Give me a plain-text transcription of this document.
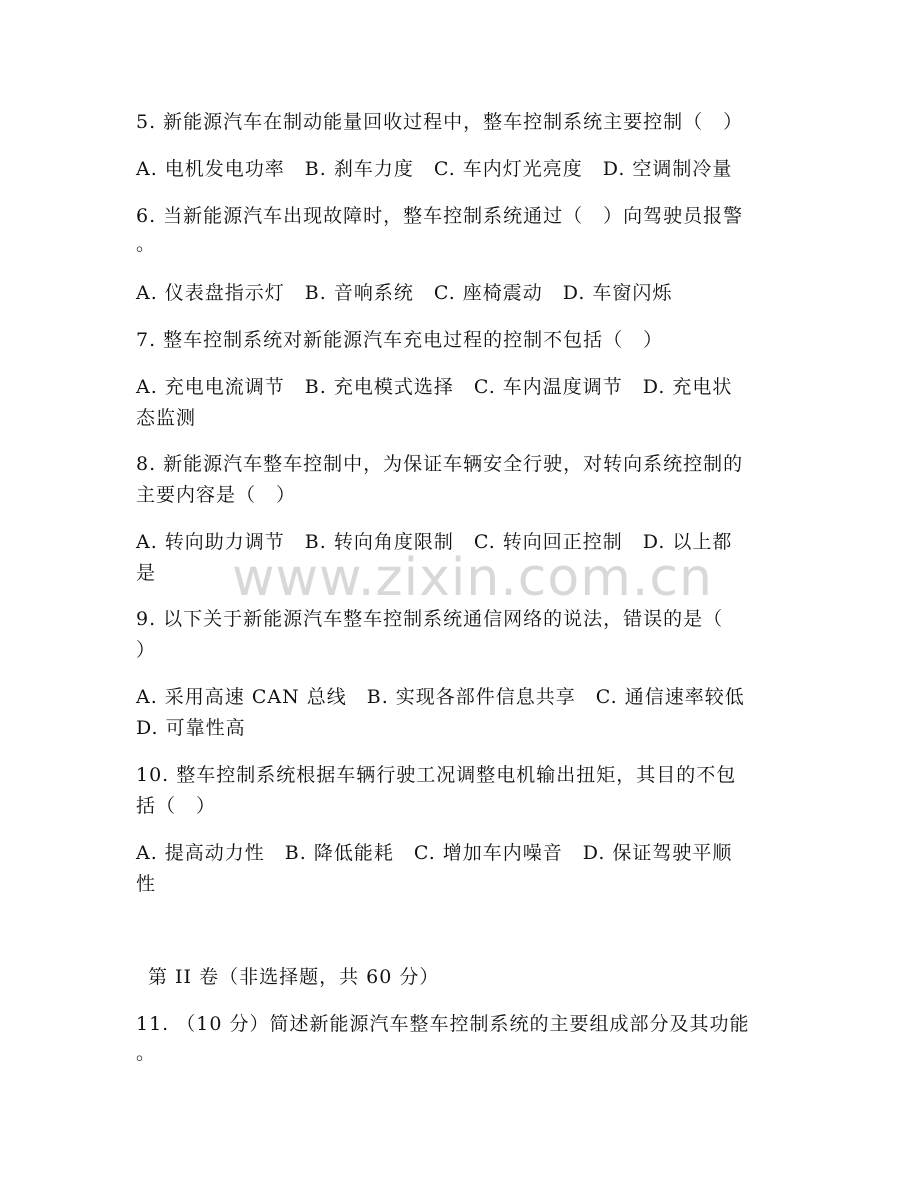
www.zixin.com.cn
5. 新能源汽车在制动能量回收过程中，整车控制系统主要控制（　）
A. 电机发电功率　B. 刹车力度　C. 车内灯光亮度　D. 空调制冷量
6. 当新能源汽车出现故障时，整车控制系统通过（　）向驾驶员报警
。
A. 仪表盘指示灯　B. 音响系统　C. 座椅震动　D. 车窗闪烁
7. 整车控制系统对新能源汽车充电过程的控制不包括（　）
A. 充电电流调节　B. 充电模式选择　C. 车内温度调节　D. 充电状
态监测
8. 新能源汽车整车控制中，为保证车辆安全行驶，对转向系统控制的
主要内容是（　）
A. 转向助力调节　B. 转向角度限制　C. 转向回正控制　D. 以上都
是
9. 以下关于新能源汽车整车控制系统通信网络的说法，错误的是（
）
A. 采用高速 CAN 总线　B. 实现各部件信息共享　C. 通信速率较低
D. 可靠性高
10. 整车控制系统根据车辆行驶工况调整电机输出扭矩，其目的不包
括（　）
A. 提高动力性　B. 降低能耗　C. 增加车内噪音　D. 保证驾驶平顺
性
第 II 卷（非选择题，共 60 分）
11. （10 分）简述新能源汽车整车控制系统的主要组成部分及其功能
。
